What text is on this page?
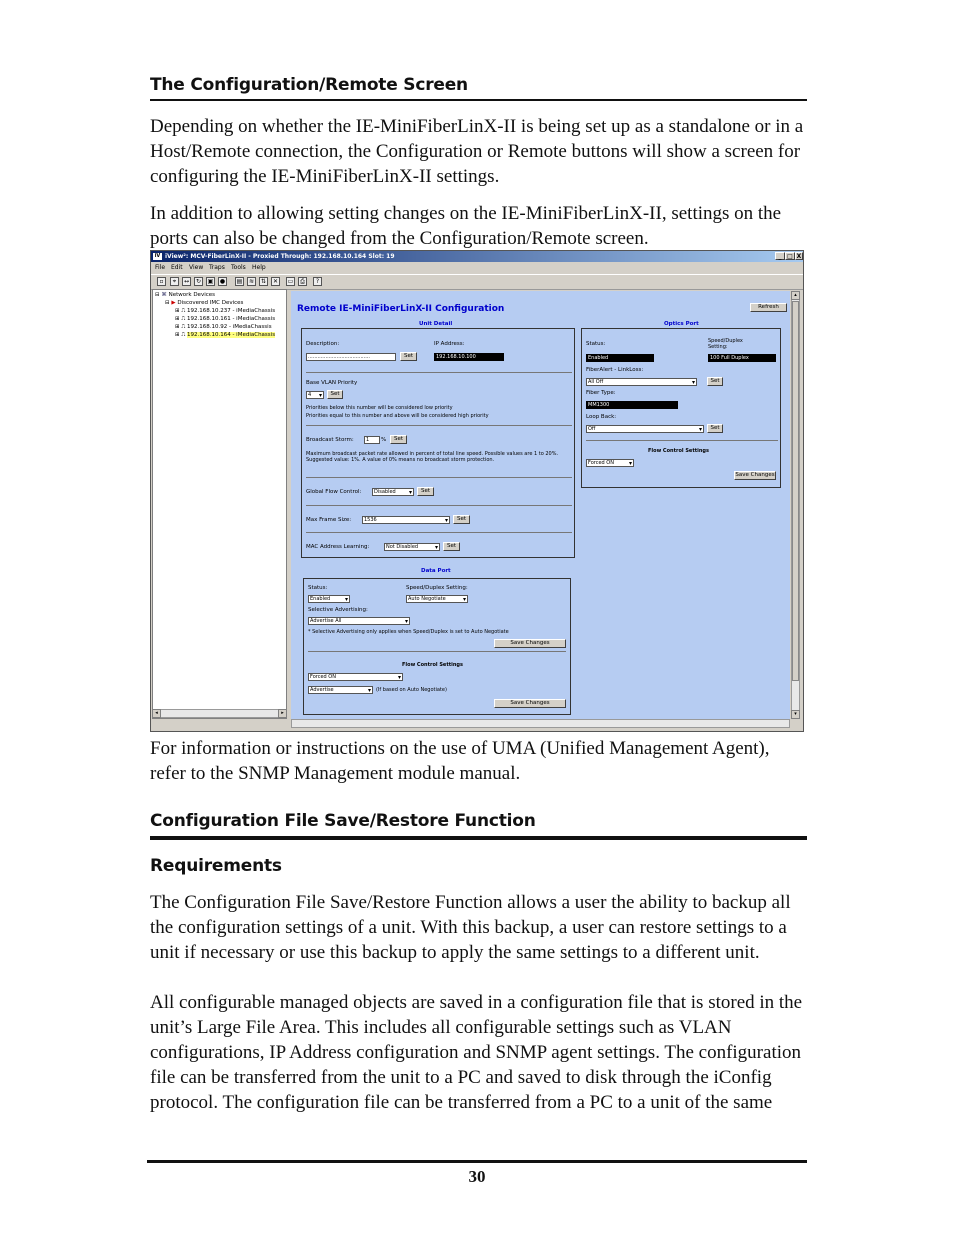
The Configuration/Remote Screen

Depending on whether the IE-MiniFiberLinX-II is being set up as a standalone or in a Host/Remote connection, the Configuration or Remote buttons will show a screen for configuring the IE-MiniFiberLinX-II settings.

In addition to allowing setting changes on the IE-MiniFiberLinX-II, settings on the ports can also be changed from the Configuration/Remote screen.

iV iView²: MCV-FiberLinX-II - Proxied Through: 192.168.10.164 Slot: 19	_ □ X
File Edit View Traps Tools Help
▫	⌖	↔	↻	▣	●	▤	≋	⇅	✕	▭	⎙	?
⊟ ⌘ Network Devices
⊟ ▶ Discovered IMC Devices
⊞ ⎍ 192.168.10.237 - iMediaChassis
⊞ ⎍ 192.168.10.161 - iMediaChassis
⊞ ⎍ 192.168.10.92 - iMediaChassis
⊞ ⎍ 192.168.10.164 - iMediaChassis
◂	▸
Remote IE-MiniFiberLinX-II Configuration	Refresh
Unit Detail	Optics Port
Description:
.......................................	Set
IP Address:
192.168.10.100
Base VLAN Priority
4 ▾	Set
Priorities below this number will be considered low priority
Priorities equal to this number and above will be considered high priority
Broadcast Storm:	1	%	Set
Maximum broadcast packet rate allowed in percent of total line speed. Possible values are 1 to 20%. Suggested value: 1%. A value of 0% means no broadcast storm protection.
Global Flow Control:	Disabled ▾	Set
Max Frame Size:	1536 ▾	Set
MAC Address Learning:	Not Disabled ▾	Set
Status:
Enabled
Speed/Duplex Setting:
100 Full Duplex
FiberAlert - LinkLoss:
All Off ▾	Set
Fiber Type:
MM1300
Loop Back:
Off ▾	Set
Flow Control Settings
Forced ON ▾
Save Changes
Data Port
Status:
Enabled ▾
Speed/Duplex Setting:
Auto Negotiate ▾
Selective Advertising:
Advertise All ▾
* Selective Advertising only applies when Speed/Duplex is set to Auto Negotiate
Save Changes
Flow Control Settings
Forced ON ▾
Advertise ▾	(If based on Auto Negotiate)
Save Changes
▴
▾

For information or instructions on the use of UMA (Unified Management Agent), refer to the SNMP Management module manual.

Configuration File Save/Restore Function
Requirements

The Configuration File Save/Restore Function allows a user the ability to backup all the configuration settings of a unit. With this backup, a user can restore settings to a unit if necessary or use this backup to apply the same settings to a different unit.

All configurable managed objects are saved in a configuration file that is stored in the unit’s Large File Area. This includes all configurable settings such as VLAN configurations, IP Address configuration and SNMP agent settings. The configuration file can be transferred from the unit to a PC and saved to disk through the iConfig protocol. The configuration file can be transferred from a PC to a unit of the same

30
